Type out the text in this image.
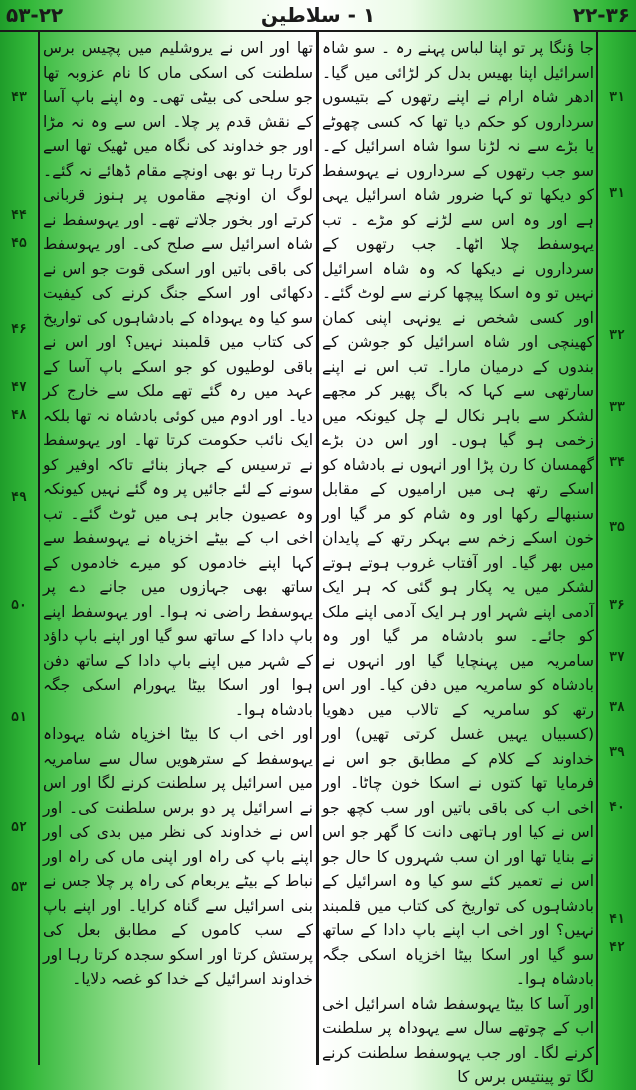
۲۲-۳۶
۱ - سلاطین
۵۳-۲۲
۳۱
۳۱
۳۲
۳۳
۳۴
۳۵
۳۶
۳۷
۳۸
۳۹
۴۰
۴۱
۴۲
۴۳
۴۴
۴۵
۴۶
۴۷
۴۸
۴۹
۵۰
۵۱
۵۲
۵۳

جا ؤنگا پر تو اپنا لباس پہنے رہ ۔ سو شاہ اسرائیل اپنا بھیس بدل کر لڑائی میں گیا۔ ادھر شاہ ارام نے اپنے رتھوں کے بتیسوں سرداروں کو حکم دیا تھا کہ کسی چھوٹے یا بڑے سے نہ لڑنا سوا شاہ اسرائیل کے۔ سو جب رتھوں کے سرداروں نے یہوسفط کو دیکھا تو کہا ضرور شاہ اسرائیل یہی ہے اور وہ اس سے لڑنے کو مڑے ۔ تب یہوسفط چلا اٹھا۔ جب رتھوں کے سرداروں نے دیکھا کہ وہ شاہ اسرائیل نہیں تو وہ اسکا پیچھا کرنے سے لوٹ گئے۔ اور کسی شخص نے یونہی اپنی کمان کھینچی اور شاہ اسرائیل کو جوشن کے بندوں کے درمیان مارا۔ تب اس نے اپنے سارتھی سے کہا کہ باگ پھیر کر مجھے لشکر سے باہر نکال لے چل کیونکہ میں زخمی ہو گیا ہوں۔ اور اس دن بڑے گھمسان کا رن پڑا اور انہوں نے بادشاہ کو اسکے رتھ ہی میں ارامیوں کے مقابل سنبھالے رکھا اور وہ شام کو مر گیا اور خون اسکے زخم سے بہکر رتھ کے پایدان میں بھر گیا۔ اور آفتاب غروب ہوتے ہوتے لشکر میں یہ پکار ہو گئی کہ ہر ایک آدمی اپنے شہر اور ہر ایک آدمی اپنے ملک کو جائے۔ سو بادشاہ مر گیا اور وہ سامریہ میں پہنچایا گیا اور انہوں نے بادشاہ کو سامریہ میں دفن کیا۔ اور اس رتھ کو سامریہ کے تالاب میں دھویا (کسبیاں یہیں غسل کرتی تھیں) اور خداوند کے کلام کے مطابق جو اس نے فرمایا تھا کتوں نے اسکا خون چاٹا۔ اور اخی اب کی باقی باتیں اور سب کچھ جو اس نے کیا اور ہاتھی دانت کا گھر جو اس نے بنایا تھا اور ان سب شہروں کا حال جو اس نے تعمیر کئے سو کیا وہ اسرائیل کے بادشاہوں کی تواریخ کی کتاب میں قلمبند نہیں؟ اور اخی اب اپنے باپ دادا کے ساتھ سو گیا اور اسکا بیٹا اخزیاہ اسکی جگہ بادشاہ ہوا۔

اور آسا کا بیٹا یہوسفط شاہ اسرائیل اخی اب کے چوتھے سال سے یہوداہ پر سلطنت کرنے لگا۔ اور جب یہوسفط سلطنت کرنے لگا تو پینتیس برس کا

تھا اور اس نے یروشلیم میں پچیس برس سلطنت کی اسکی ماں کا نام عزوبہ تھا جو سلحی کی بیٹی تھی۔ وہ اپنے باپ آسا کے نقش قدم پر چلا۔ اس سے وہ نہ مڑا اور جو خداوند کی نگاہ میں ٹھیک تھا اسے کرتا رہا تو بھی اونچے مقام ڈھائے نہ گئے۔ لوگ ان اونچے مقاموں پر ہنوز قربانی کرتے اور بخور جلاتے تھے۔ اور یہوسفط نے شاہ اسرائیل سے صلح کی۔ اور یہوسفط کی باقی باتیں اور اسکی قوت جو اس نے دکھائی اور اسکے جنگ کرنے کی کیفیت سو کیا وہ یہوداہ کے بادشاہوں کی تواریخ کی کتاب میں قلمبند نہیں؟ اور اس نے باقی لوطیوں کو جو اسکے باپ آسا کے عہد میں رہ گئے تھے ملک سے خارج کر دیا۔ اور ادوم میں کوئی بادشاہ نہ تھا بلکہ ایک نائب حکومت کرتا تھا۔ اور یہوسفط نے ترسیس کے جہاز بنائے تاکہ اوفیر کو سونے کے لئے جائیں پر وہ گئے نہیں کیونکہ وہ عصیون جابر ہی میں ٹوٹ گئے۔ تب اخی اب کے بیٹے اخزیاہ نے یہوسفط سے کہا اپنے خادموں کو میرے خادموں کے ساتھ بھی جہازوں میں جانے دے پر یہوسفط راضی نہ ہوا۔ اور یہوسفط اپنے باپ دادا کے ساتھ سو گیا اور اپنے باپ داؤد کے شہر میں اپنے باپ دادا کے ساتھ دفن ہوا اور اسکا بیٹا یہورام اسکی جگہ بادشاہ ہوا۔

اور اخی اب کا بیٹا اخزیاہ شاہ یہوداہ یہوسفط کے سترھویں سال سے سامریہ میں اسرائیل پر سلطنت کرنے لگا اور اس نے اسرائیل پر دو برس سلطنت کی۔ اور اس نے خداوند کی نظر میں بدی کی اور اپنے باپ کی راہ اور اپنی ماں کی راہ اور نباط کے بیٹے یربعام کی راہ پر چلا جس نے بنی اسرائیل سے گناہ کرایا۔ اور اپنے باپ کے سب کاموں کے مطابق بعل کی پرستش کرتا اور اسکو سجدہ کرتا رہا اور خداوند اسرائیل کے خدا کو غصہ دلایا۔
